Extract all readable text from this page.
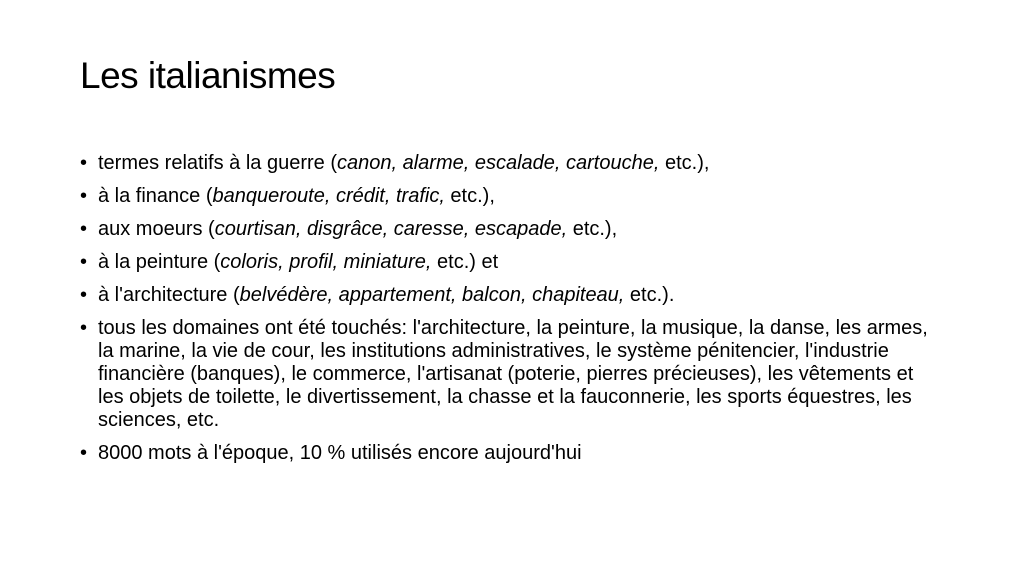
Les italianismes
• termes relatifs à la guerre (canon, alarme, escalade, cartouche, etc.),
• à la finance (banqueroute, crédit, trafic, etc.),
• aux moeurs (courtisan, disgrâce, caresse, escapade, etc.),
• à la peinture (coloris, profil, miniature, etc.) et
• à l'architecture (belvédère, appartement, balcon, chapiteau, etc.).
• tous les domaines ont été touchés: l'architecture, la peinture, la musique, la danse, les armes, la marine, la vie de cour, les institutions administratives, le système pénitencier, l'industrie financière (banques), le commerce, l'artisanat (poterie, pierres précieuses), les vêtements et les objets de toilette, le divertissement, la chasse et la fauconnerie, les sports équestres, les sciences, etc.
• 8000 mots à l'époque, 10 % utilisés encore aujourd'hui
